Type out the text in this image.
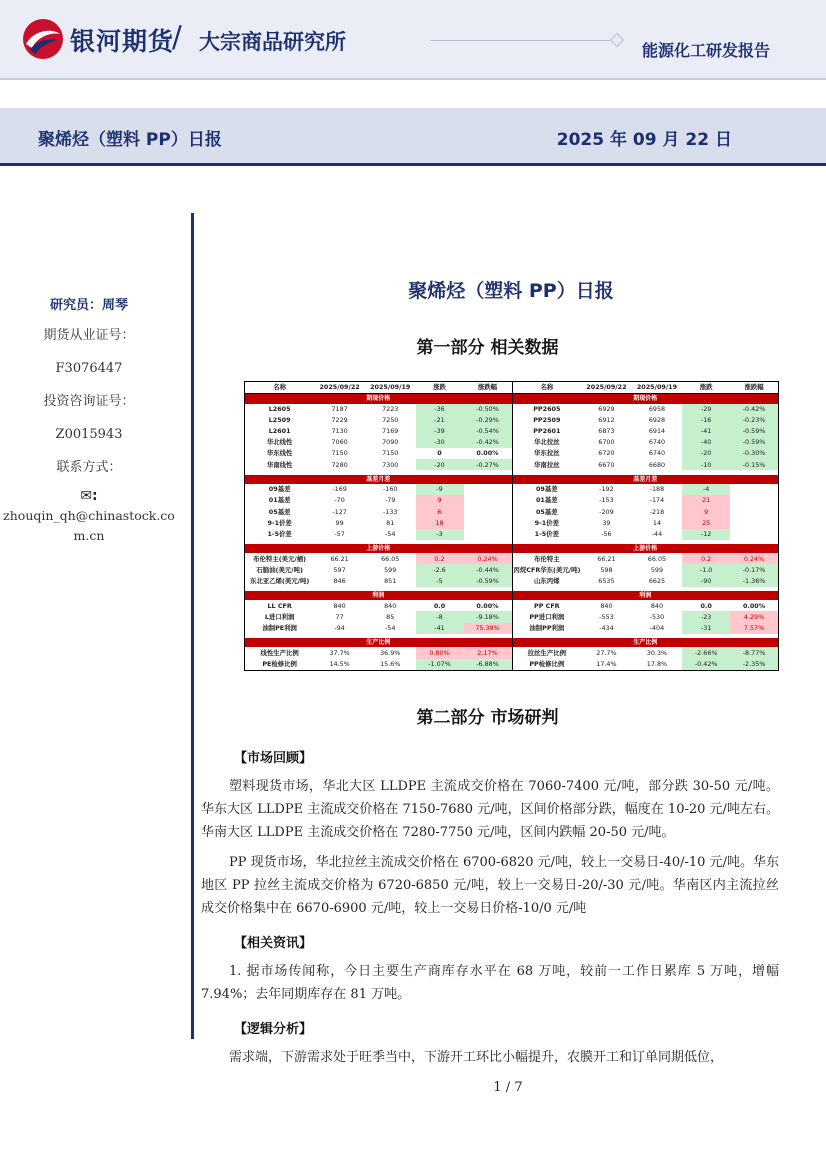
银河期货
/ 大宗商品研究所	能源化工研发报告
聚烯烃（塑料 PP）日报	2025 年 09 月 22 日
研究员：周琴
期货从业证号：
F3076447
投资咨询证号：
Z0015943
联系方式：
✉:
zhouqin_qh@chinastock.com.cn
聚烯烃（塑料 PP）日报
第一部分 相关数据
名称	2025/09/22	2025/09/19	涨跌	涨跌幅
期现价格				
L2605	7187	7223	-36	-0.50%
L2509	7229	7250	-21	-0.29%
L2601	7130	7169	-39	-0.54%
华北线性	7060	7090	-30	-0.42%
华东线性	7150	7150	0	0.00%
华南线性	7280	7300	-20	-0.27%

基差月差				
09基差	-169	-160	-9	
01基差	-70	-79	9	
05基差	-127	-133	6	
9-1价差	99	81	18	
1-5价差	-57	-54	-3	

上游价格				
布伦特主(美元/桶)	66.21	66.05	0.2	0.24%
石脑油(美元/吨)	597	599	-2.6	-0.44%
东北亚乙烯(美元/吨)	846	851	-5	-0.59%

利润				
LL CFR	840	840	0.0	0.00%
L进口利润	77	85	-8	-9.18%
油制PE利润	-94	-54	-41	75.39%

生产比例				
线性生产比例	37.7%	36.9%	0.80%	2.17%
PE检修比例	14.5%	15.6%	-1.07%	-6.88%
名称	2025/09/22	2025/09/19	涨跌	涨跌幅
期现价格				
PP2605	6929	6958	-29	-0.42%
PP2509	6912	6928	-16	-0.23%
PP2601	6873	6914	-41	-0.59%
华北拉丝	6700	6740	-40	-0.59%
华东拉丝	6720	6740	-20	-0.30%
华南拉丝	6670	6680	-10	-0.15%

基差月差				
09基差	-192	-188	-4	
01基差	-153	-174	21	
05基差	-209	-218	9	
9-1价差	39	14	25	
1-5价差	-56	-44	-12	

上游价格				
布伦特主	66.21	66.05	0.2	0.24%
丙烷CFR华东(美元/吨)	598	599	-1.0	-0.17%
山东丙烯	6535	6625	-90	-1.36%

利润				
PP CFR	840	840	0.0	0.00%
PP进口利润	-553	-530	-23	4.29%
油制PP利润	-434	-404	-31	7.57%

生产比例				
拉丝生产比例	27.7%	30.3%	-2.66%	-8.77%
PP检修比例	17.4%	17.8%	-0.42%	-2.35%
第二部分 市场研判
【市场回顾】

塑料现货市场，华北大区 LLDPE 主流成交价格在 7060-7400 元/吨，部分跌 30-50 元/吨。华东大区 LLDPE 主流成交价格在 7150-7680 元/吨，区间价格部分跌，幅度在 10-20 元/吨左右。华南大区 LLDPE 主流成交价格在 7280-7750 元/吨，区间内跌幅 20-50 元/吨。

PP 现货市场，华北拉丝主流成交价格在 6700-6820 元/吨，较上一交易日-40/-10 元/吨。华东地区 PP 拉丝主流成交价格为 6720-6850 元/吨，较上一交易日-20/-30 元/吨。华南区内主流拉丝成交价格集中在 6670-6900 元/吨，较上一交易日价格-10/0 元/吨

【相关资讯】

1. 据市场传闻称，今日主要生产商库存水平在 68 万吨，较前一工作日累库 5 万吨，增幅 7.94%；去年同期库存在 81 万吨。

【逻辑分析】

需求端，下游需求处于旺季当中，下游开工环比小幅提升，农膜开工和订单同期低位，

1 / 7
